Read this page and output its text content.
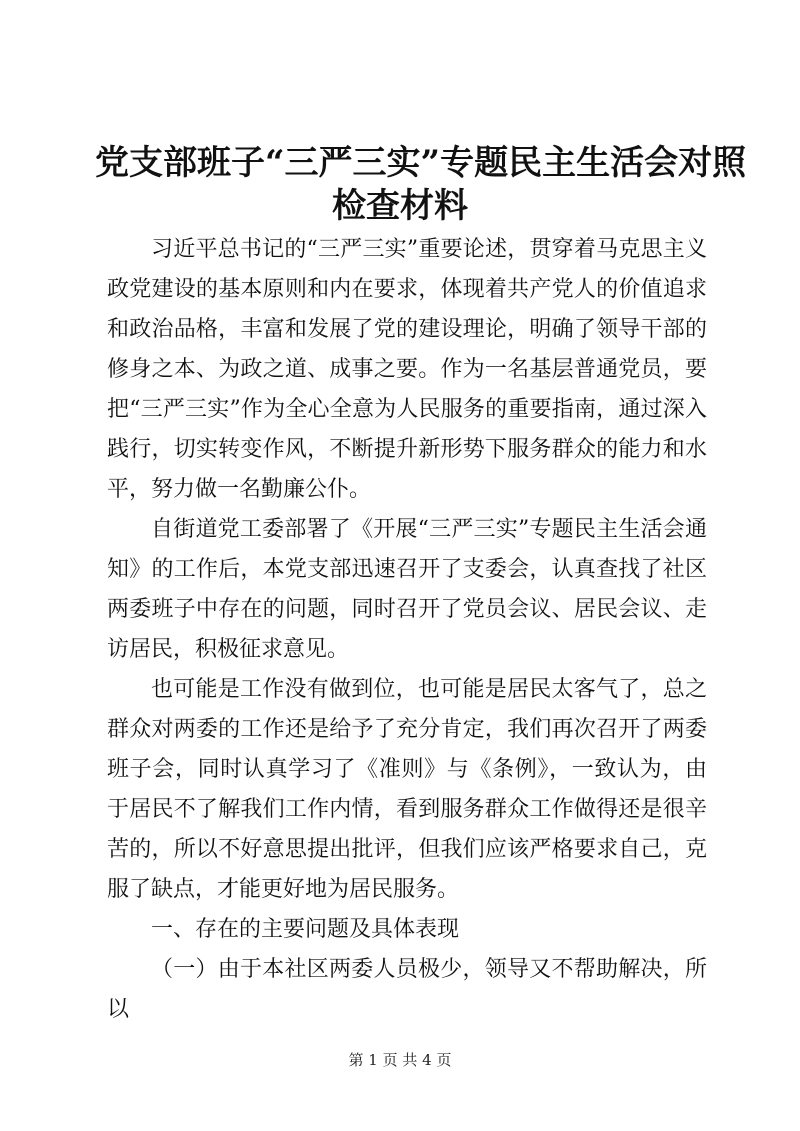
党支部班子“三严三实”专题民主生活会对照
检查材料

习近平总书记的“三严三实”重要论述，贯穿着马克思主义政党建设的基本原则和内在要求，体现着共产党人的价值追求和政治品格，丰富和发展了党的建设理论，明确了领导干部的修身之本、为政之道、成事之要。作为一名基层普通党员，要把“三严三实”作为全心全意为人民服务的重要指南，通过深入践行，切实转变作风，不断提升新形势下服务群众的能力和水平，努力做一名勤廉公仆。

自街道党工委部署了《开展“三严三实”专题民主生活会通知》的工作后，本党支部迅速召开了支委会，认真查找了社区两委班子中存在的问题，同时召开了党员会议、居民会议、走访居民，积极征求意见。

也可能是工作没有做到位，也可能是居民太客气了，总之群众对两委的工作还是给予了充分肯定，我们再次召开了两委班子会，同时认真学习了《准则》与《条例》，一致认为，由于居民不了解我们工作内情，看到服务群众工作做得还是很辛苦的，所以不好意思提出批评，但我们应该严格要求自己，克服了缺点，才能更好地为居民服务。

一、存在的主要问题及具体表现

（一）由于本社区两委人员极少，领导又不帮助解决，所以

第 1 页 共 4 页
